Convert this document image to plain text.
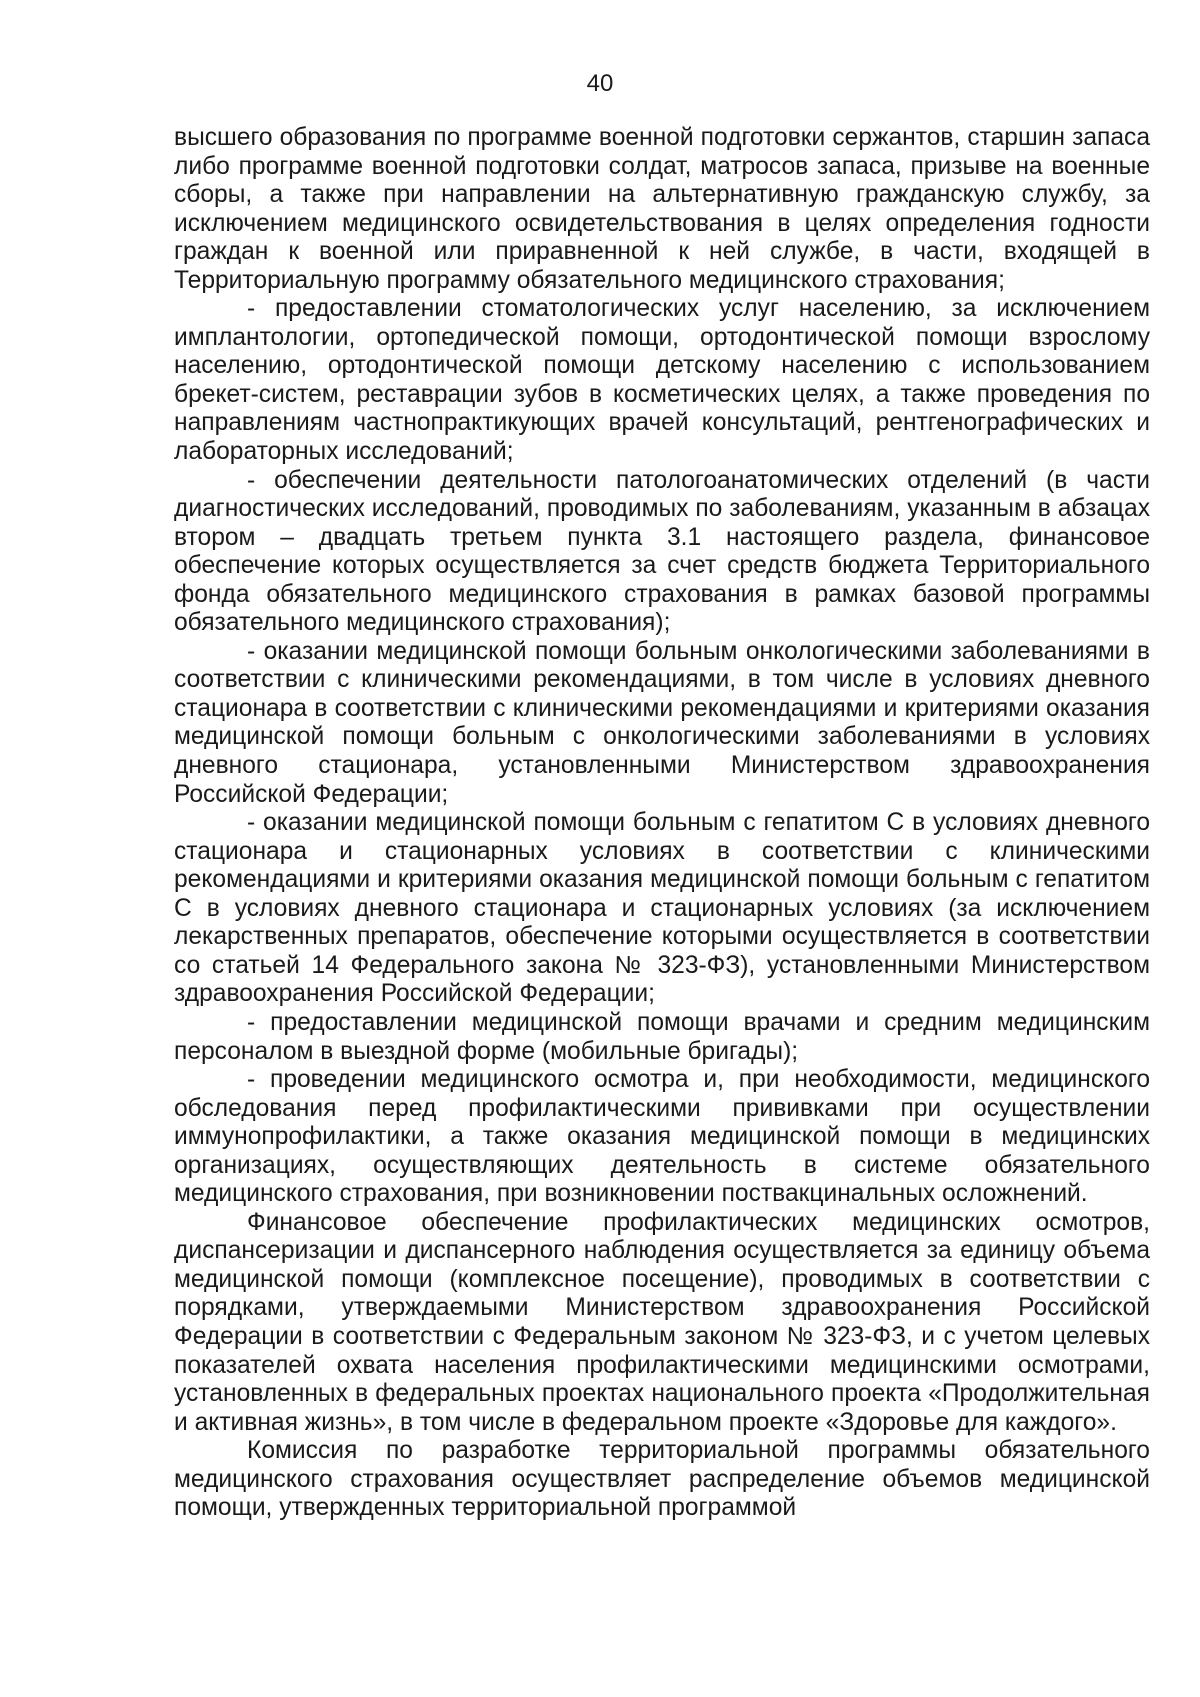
40

высшего образования по программе военной подготовки сержантов, старшин запаса либо программе военной подготовки солдат, матросов запаса, призыве на военные сборы, а также при направлении на альтернативную гражданскую службу, за исключением медицинского освидетельствования в целях определения годности граждан к военной или приравненной к ней службе, в части, входящей в Территориальную программу обязательного медицинского страхования;

- предоставлении стоматологических услуг населению, за исключением имплантологии, ортопедической помощи, ортодонтической помощи взрослому населению, ортодонтической помощи детскому населению с использованием брекет-систем, реставрации зубов в косметических целях, а также проведения по направлениям частнопрактикующих врачей консультаций, рентгенографических и лабораторных исследований;

- обеспечении деятельности патологоанатомических отделений (в части диагностических исследований, проводимых по заболеваниям, указанным в абзацах втором – двадцать третьем пункта 3.1 настоящего раздела, финансовое обеспечение которых осуществляется за счет средств бюджета Территориального фонда обязательного медицинского страхования в рамках базовой программы обязательного медицинского страхования);

- оказании медицинской помощи больным онкологическими заболеваниями в соответствии с клиническими рекомендациями, в том числе в условиях дневного стационара в соответствии с клиническими рекомендациями и критериями оказания медицинской помощи больным с онкологическими заболеваниями в условиях дневного стационара, установленными Министерством здравоохранения Российской Федерации;

- оказании медицинской помощи больным с гепатитом С в условиях дневного стационара и стационарных условиях в соответствии с клиническими рекомендациями и критериями оказания медицинской помощи больным с гепатитом С в условиях дневного стационара и стационарных условиях (за исключением лекарственных препаратов, обеспечение которыми осуществляется в соответствии со статьей 14 Федерального закона № 323-ФЗ), установленными Министерством здравоохранения Российской Федерации;

- предоставлении медицинской помощи врачами и средним медицинским персоналом в выездной форме (мобильные бригады);

- проведении медицинского осмотра и, при необходимости, медицинского обследования перед профилактическими прививками при осуществлении иммунопрофилактики, а также оказания медицинской помощи в медицинских организациях, осуществляющих деятельность в системе обязательного медицинского страхования, при возникновении поствакцинальных осложнений.

Финансовое обеспечение профилактических медицинских осмотров, диспансеризации и диспансерного наблюдения осуществляется за единицу объема медицинской помощи (комплексное посещение), проводимых в соответствии с порядками, утверждаемыми Министерством здравоохранения Российской Федерации в соответствии с Федеральным законом № 323-ФЗ, и с учетом целевых показателей охвата населения профилактическими медицинскими осмотрами, установленных в федеральных проектах национального проекта «Продолжительная и активная жизнь», в том числе в федеральном проекте «Здоровье для каждого».

Комиссия по разработке территориальной программы обязательного медицинского страхования осуществляет распределение объемов медицинской помощи, утвержденных территориальной программой
